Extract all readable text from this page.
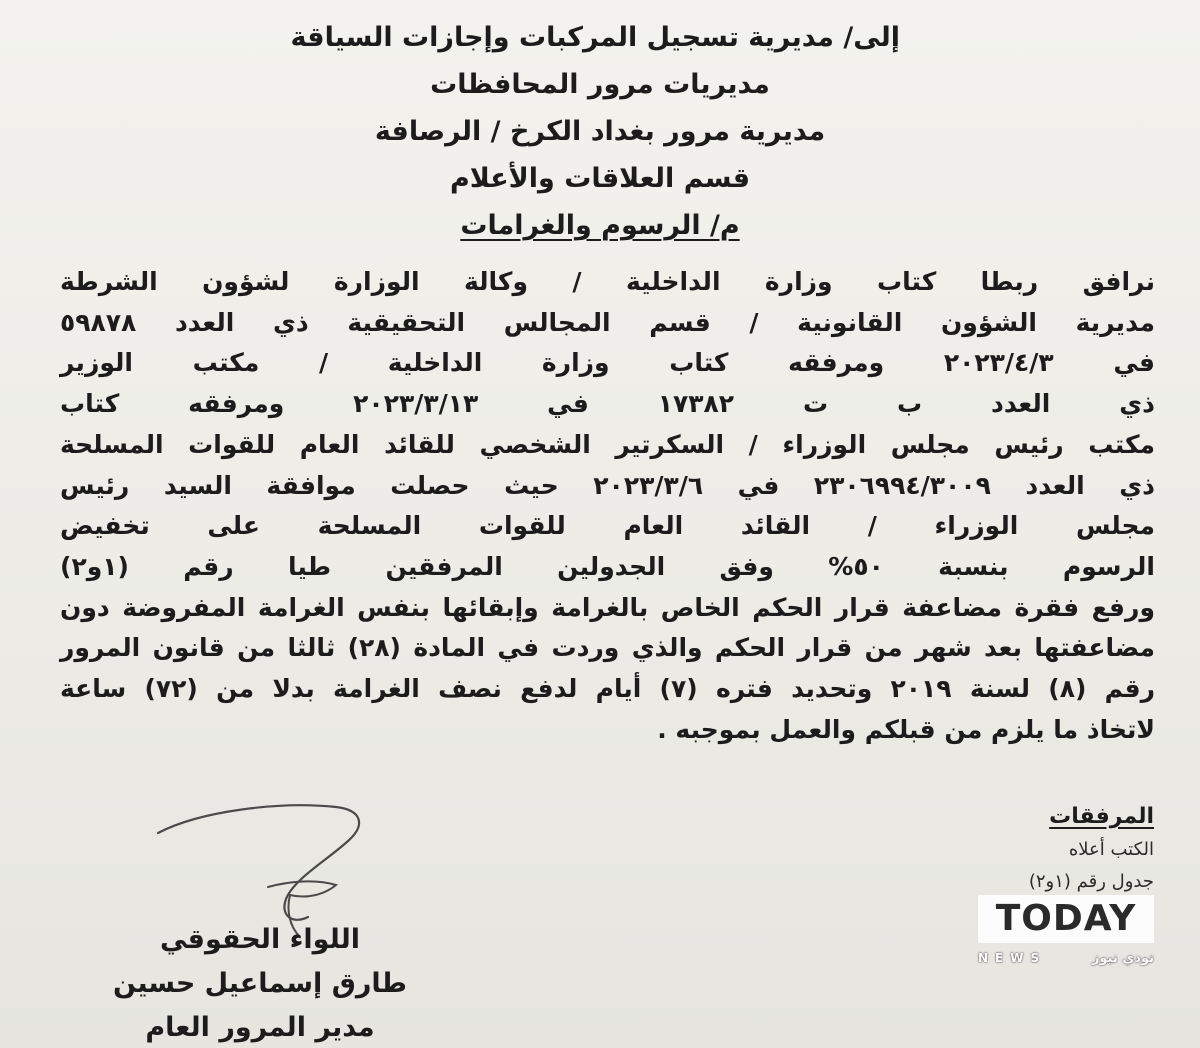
إلى/ مديرية تسجيل المركبات وإجازات السياقة
مديريات مرور المحافظات
مديرية مرور بغداد الكرخ / الرصافة
قسم العلاقات والأعلام
م/ الرسوم والغرامات
نرافق ربطا كتاب وزارة الداخلية / وكالة الوزارة لشؤون الشرطة
مديرية الشؤون القانونية / قسم المجالس التحقيقية ذي العدد ٥٩٨٧٨
في ٢٠٢٣/٤/٣ ومرفقه كتاب وزارة الداخلية / مكتب الوزير
ذي العدد ب ت ١٧٣٨٢ في ٢٠٢٣/٣/١٣ ومرفقه كتاب
مكتب رئيس مجلس الوزراء / السكرتير الشخصي للقائد العام للقوات المسلحة
ذي العدد ٢٣٠٦٩٩٤/٣٠٠٩ في ٢٠٢٣/٣/٦ حيث حصلت موافقة السيد رئيس
مجلس الوزراء / القائد العام للقوات المسلحة على تخفيض
الرسوم بنسبة ٥٠% وفق الجدولين المرفقين طيا رقم (١و٢)
ورفع فقرة مضاعفة قرار الحكم الخاص بالغرامة وإبقائها بنفس الغرامة المفروضة دون
مضاعفتها بعد شهر من قرار الحكم والذي وردت في المادة (٢٨) ثالثا من قانون المرور
رقم (٨) لسنة ٢٠١٩ وتحديد فتره (٧) أيام لدفع نصف الغرامة بدلا من (٧٢) ساعة
لاتخاذ ما يلزم من قبلكم والعمل بموجبه .
المرفقات
الكتب أعلاه
جدول رقم (١و٢)
اللواء الحقوقي
طارق إسماعيل حسين
مدير المرور العام
TODAY
NEWS	تودي نيوز
